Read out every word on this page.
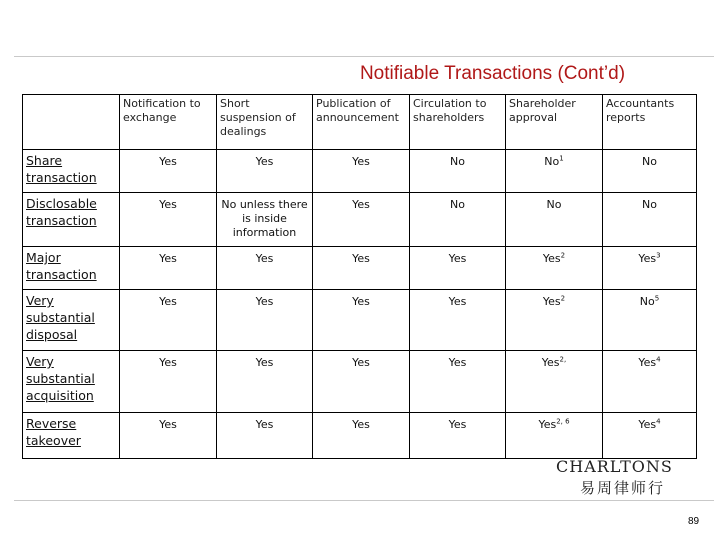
Notifiable Transactions (Cont’d)
	Notification to exchange	Short suspension of dealings	Publication of announcement	Circulation to shareholders	Shareholder approval	Accountants reports
Share transaction	Yes	Yes	Yes	No	No$^1$	No
Disclosable transaction	Yes	No unless there is inside information	Yes	No	No	No
Major transaction	Yes	Yes	Yes	Yes	Yes$^2$	Yes$^3$
Very substantial disposal	Yes	Yes	Yes	Yes	Yes$^2$	No$^5$
Very substantial acquisition	Yes	Yes	Yes	Yes	Yes$^{2,}$	Yes$^4$
Reverse takeover	Yes	Yes	Yes	Yes	Yes$^{2, 6}$	Yes$^4$
CHARLTONS
易周律师行
89
